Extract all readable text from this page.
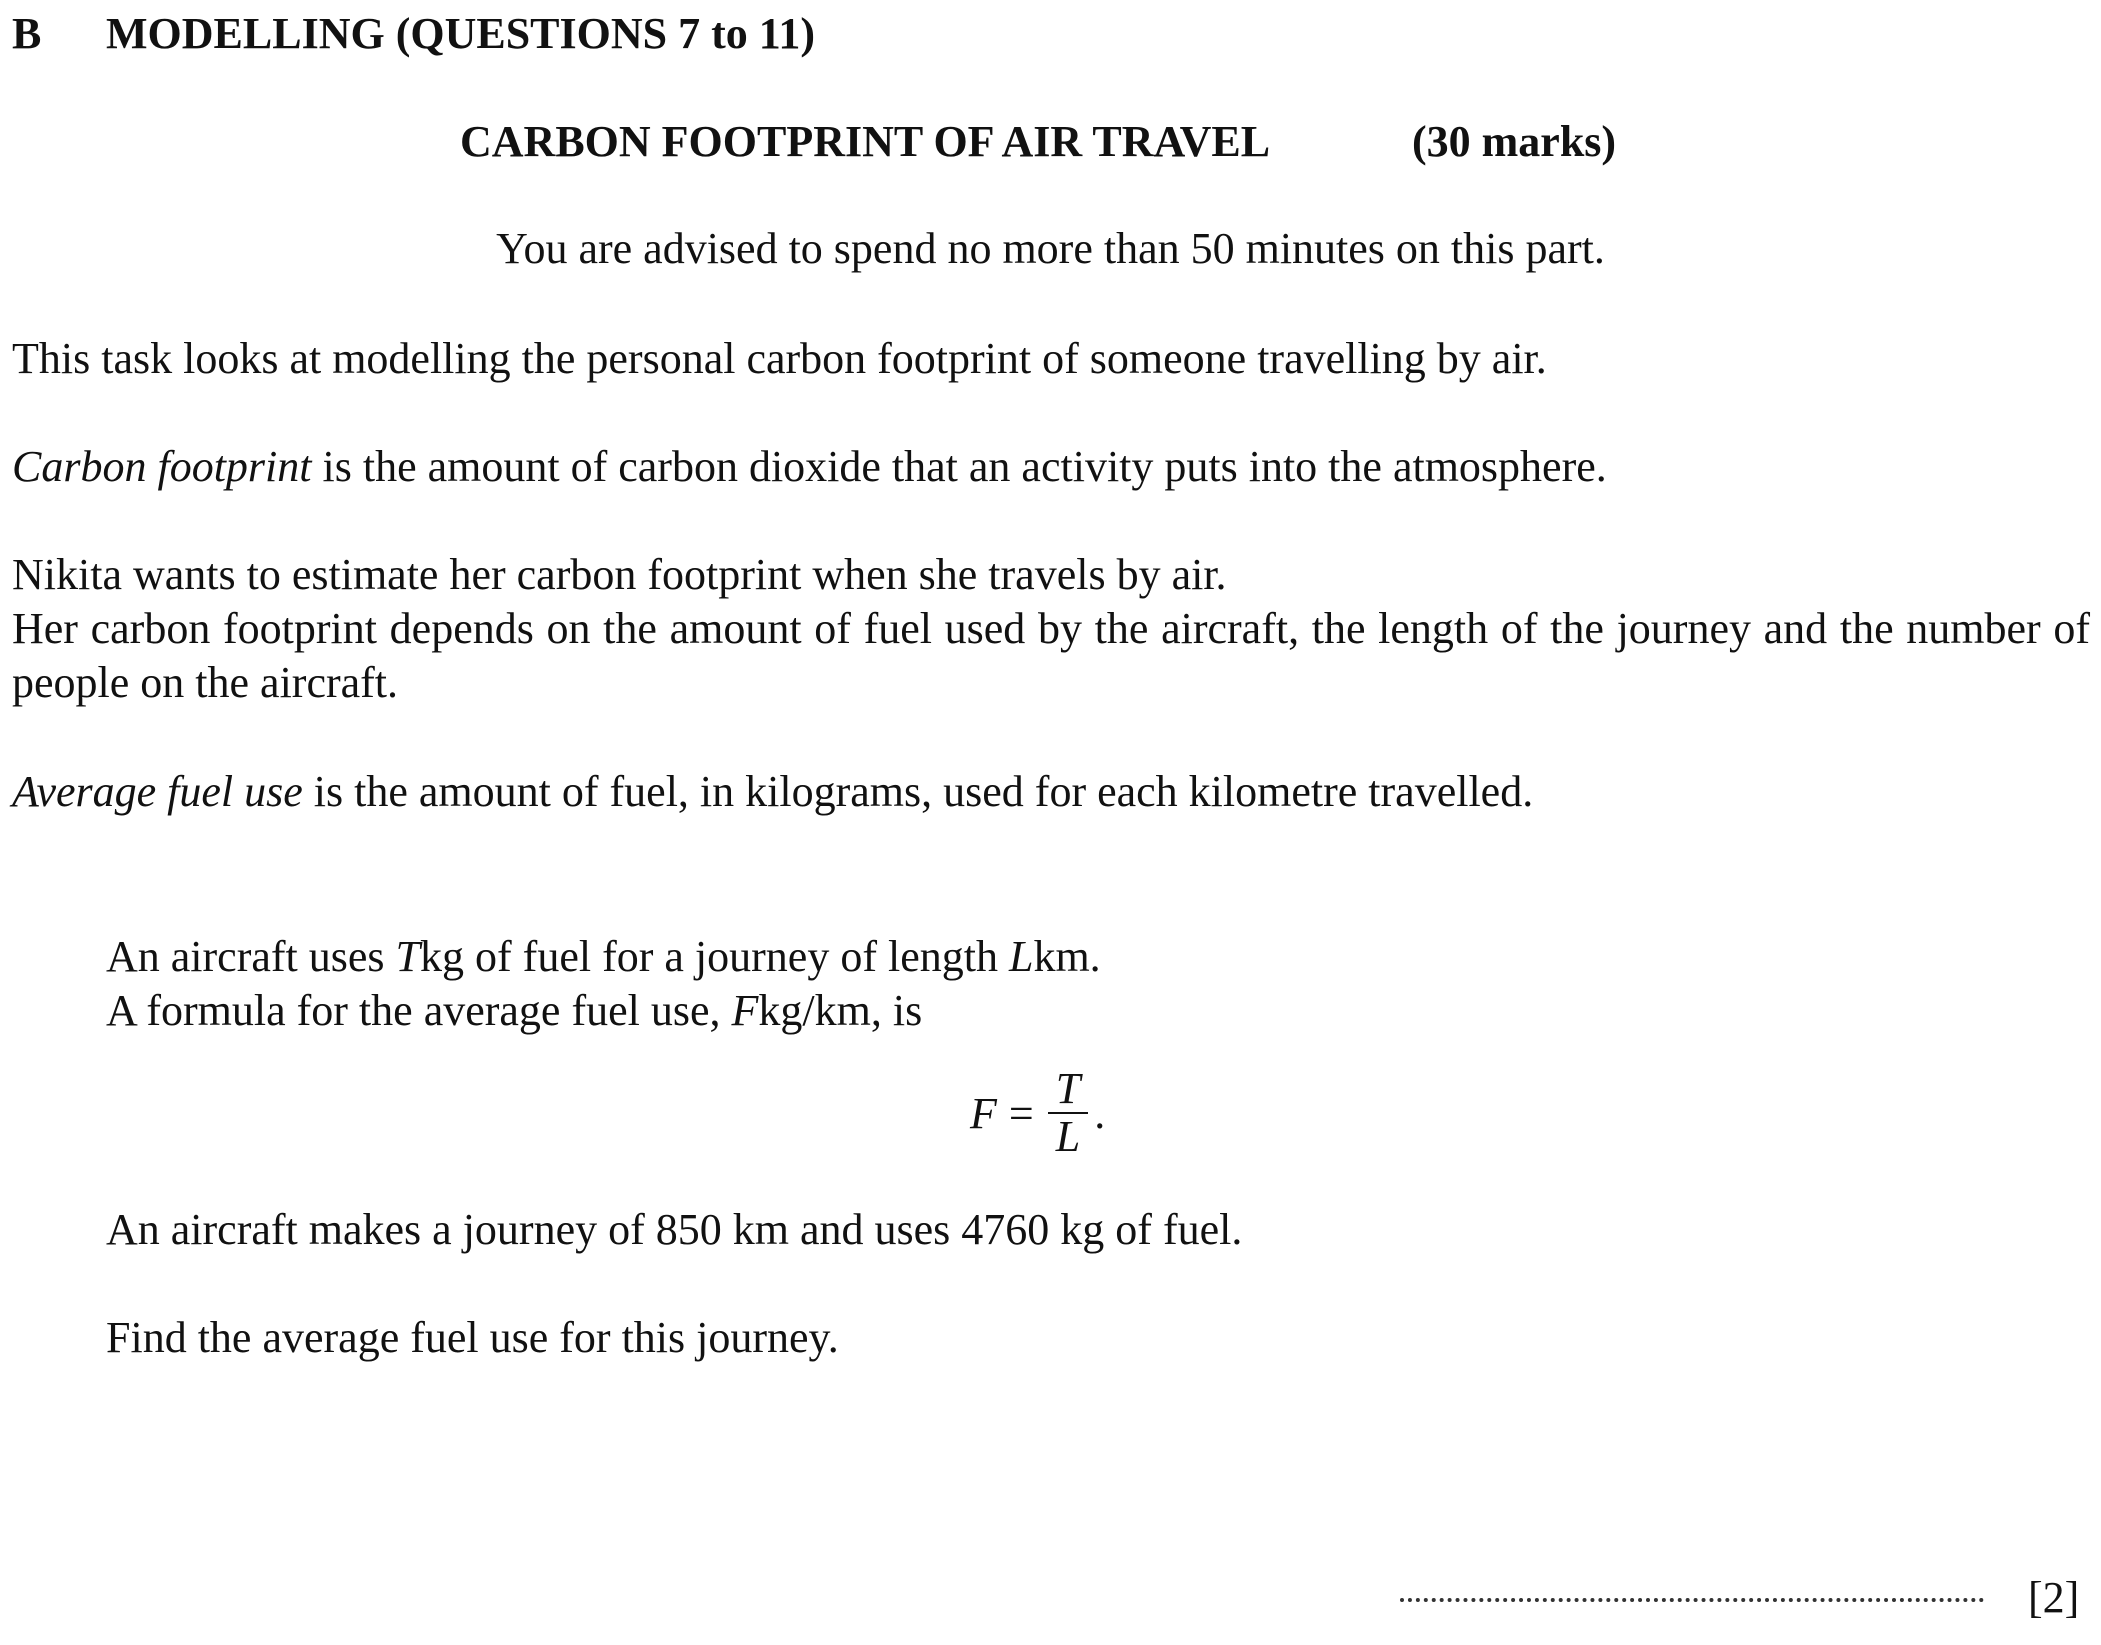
B MODELLING (QUESTIONS 7 to 11)
CARBON FOOTPRINT OF AIR TRAVEL	(30 marks)
You are advised to spend no more than 50 minutes on this part.
This task looks at modelling the personal carbon footprint of someone travelling by air.
Carbon footprint is the amount of carbon dioxide that an activity puts into the atmosphere.
Nikita wants to estimate her carbon footprint when she travels by air.
Her carbon footprint depends on the amount of fuel used by the aircraft, the length of the journey and the number of people on the aircraft.
Average fuel use is the amount of fuel, in kilograms, used for each kilometre travelled.
An aircraft uses Tkg of fuel for a journey of length Lkm.
A formula for the average fuel use, Fkg/km, is
$F = \frac{T}{L}$ .
An aircraft makes a journey of 850 km and uses 4760 kg of fuel.
Find the average fuel use for this journey.
[2]
